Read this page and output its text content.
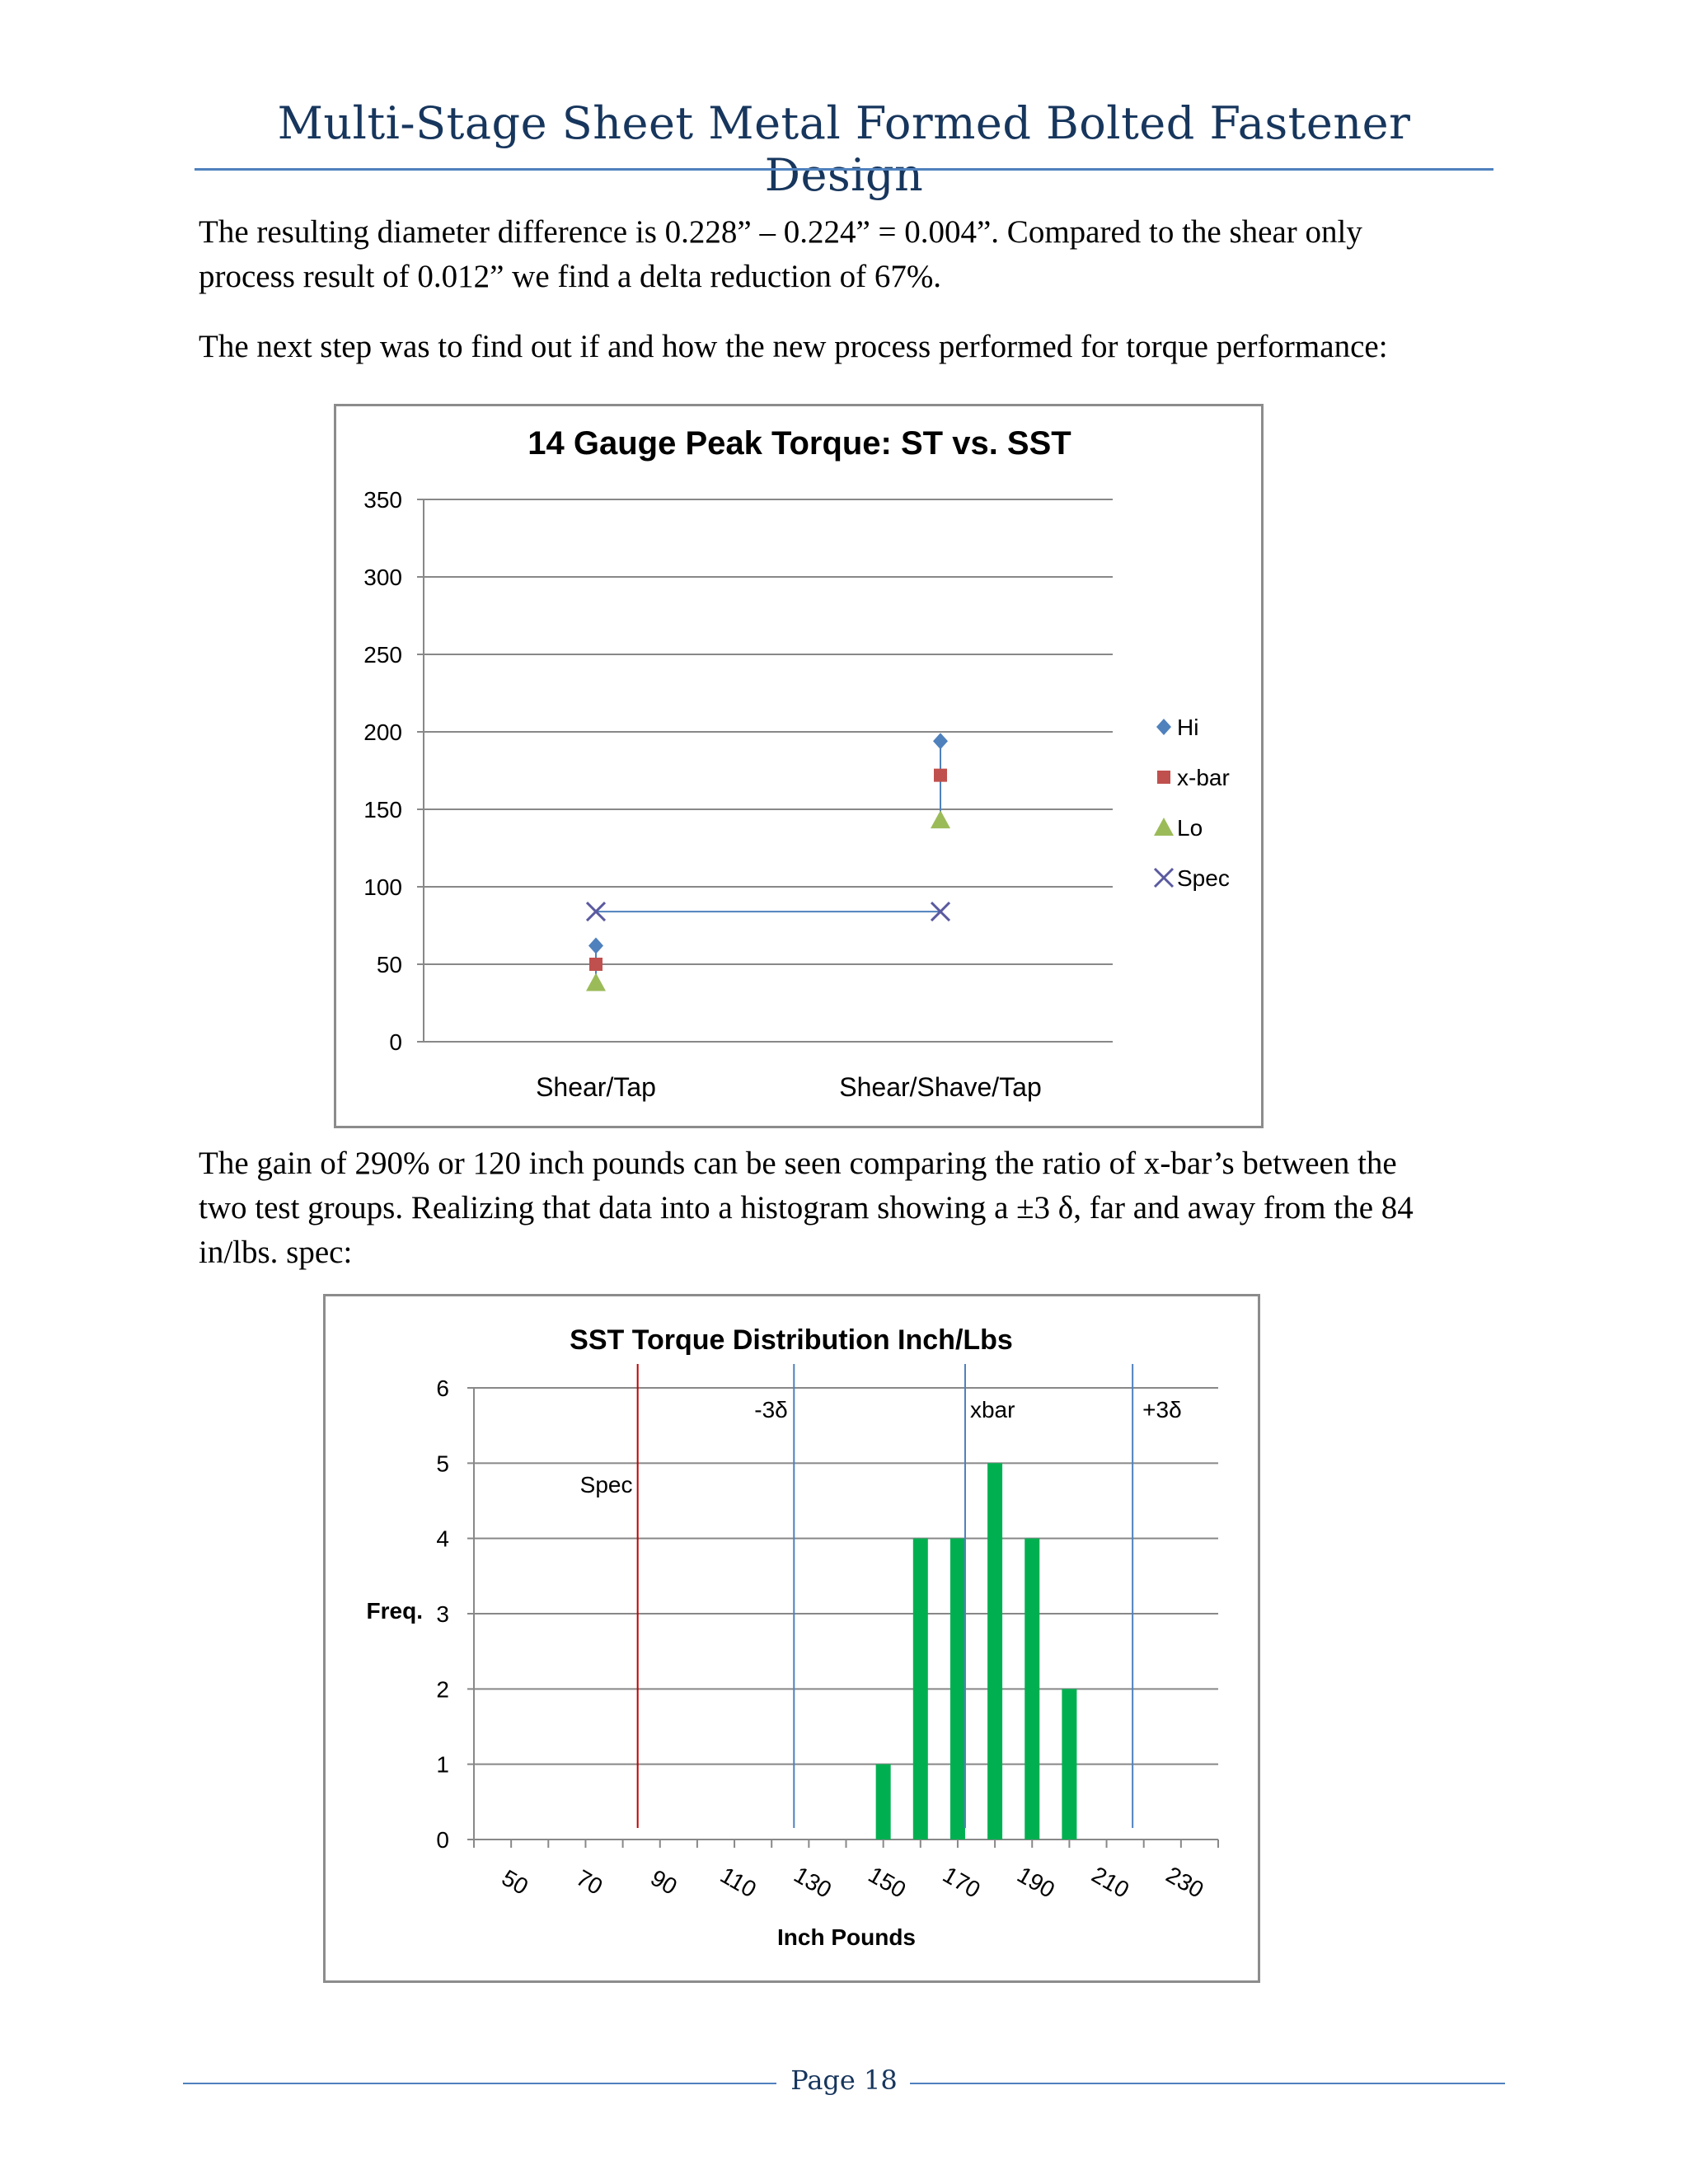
Multi-Stage Sheet Metal Formed Bolted Fastener Design

The resulting diameter difference is 0.228” – 0.224” = 0.004”. Compared to the shear only

process result of 0.012” we find a delta reduction of 67%.

The next step was to find out if and how the new process performed for torque performance:

14 Gauge Peak Torque: ST vs. SST
0
50
100
150
200
250
300
350
Shear/Tap	Shear/Shave/Tap
Hi
x-bar
Lo
Spec

The gain of 290% or 120 inch pounds can be seen comparing the ratio of x-bar’s between the

two test groups. Realizing that data into a histogram showing a ±3 δ, far and away from the 84

in/lbs. spec:

SST Torque Distribution Inch/Lbs
0
1
2
3
4
5
6
50 70 90 110 130 150 170 190 210 230
Inch Pounds
Freq.
Spec
-3δ	xbar	+3δ
Page 18
